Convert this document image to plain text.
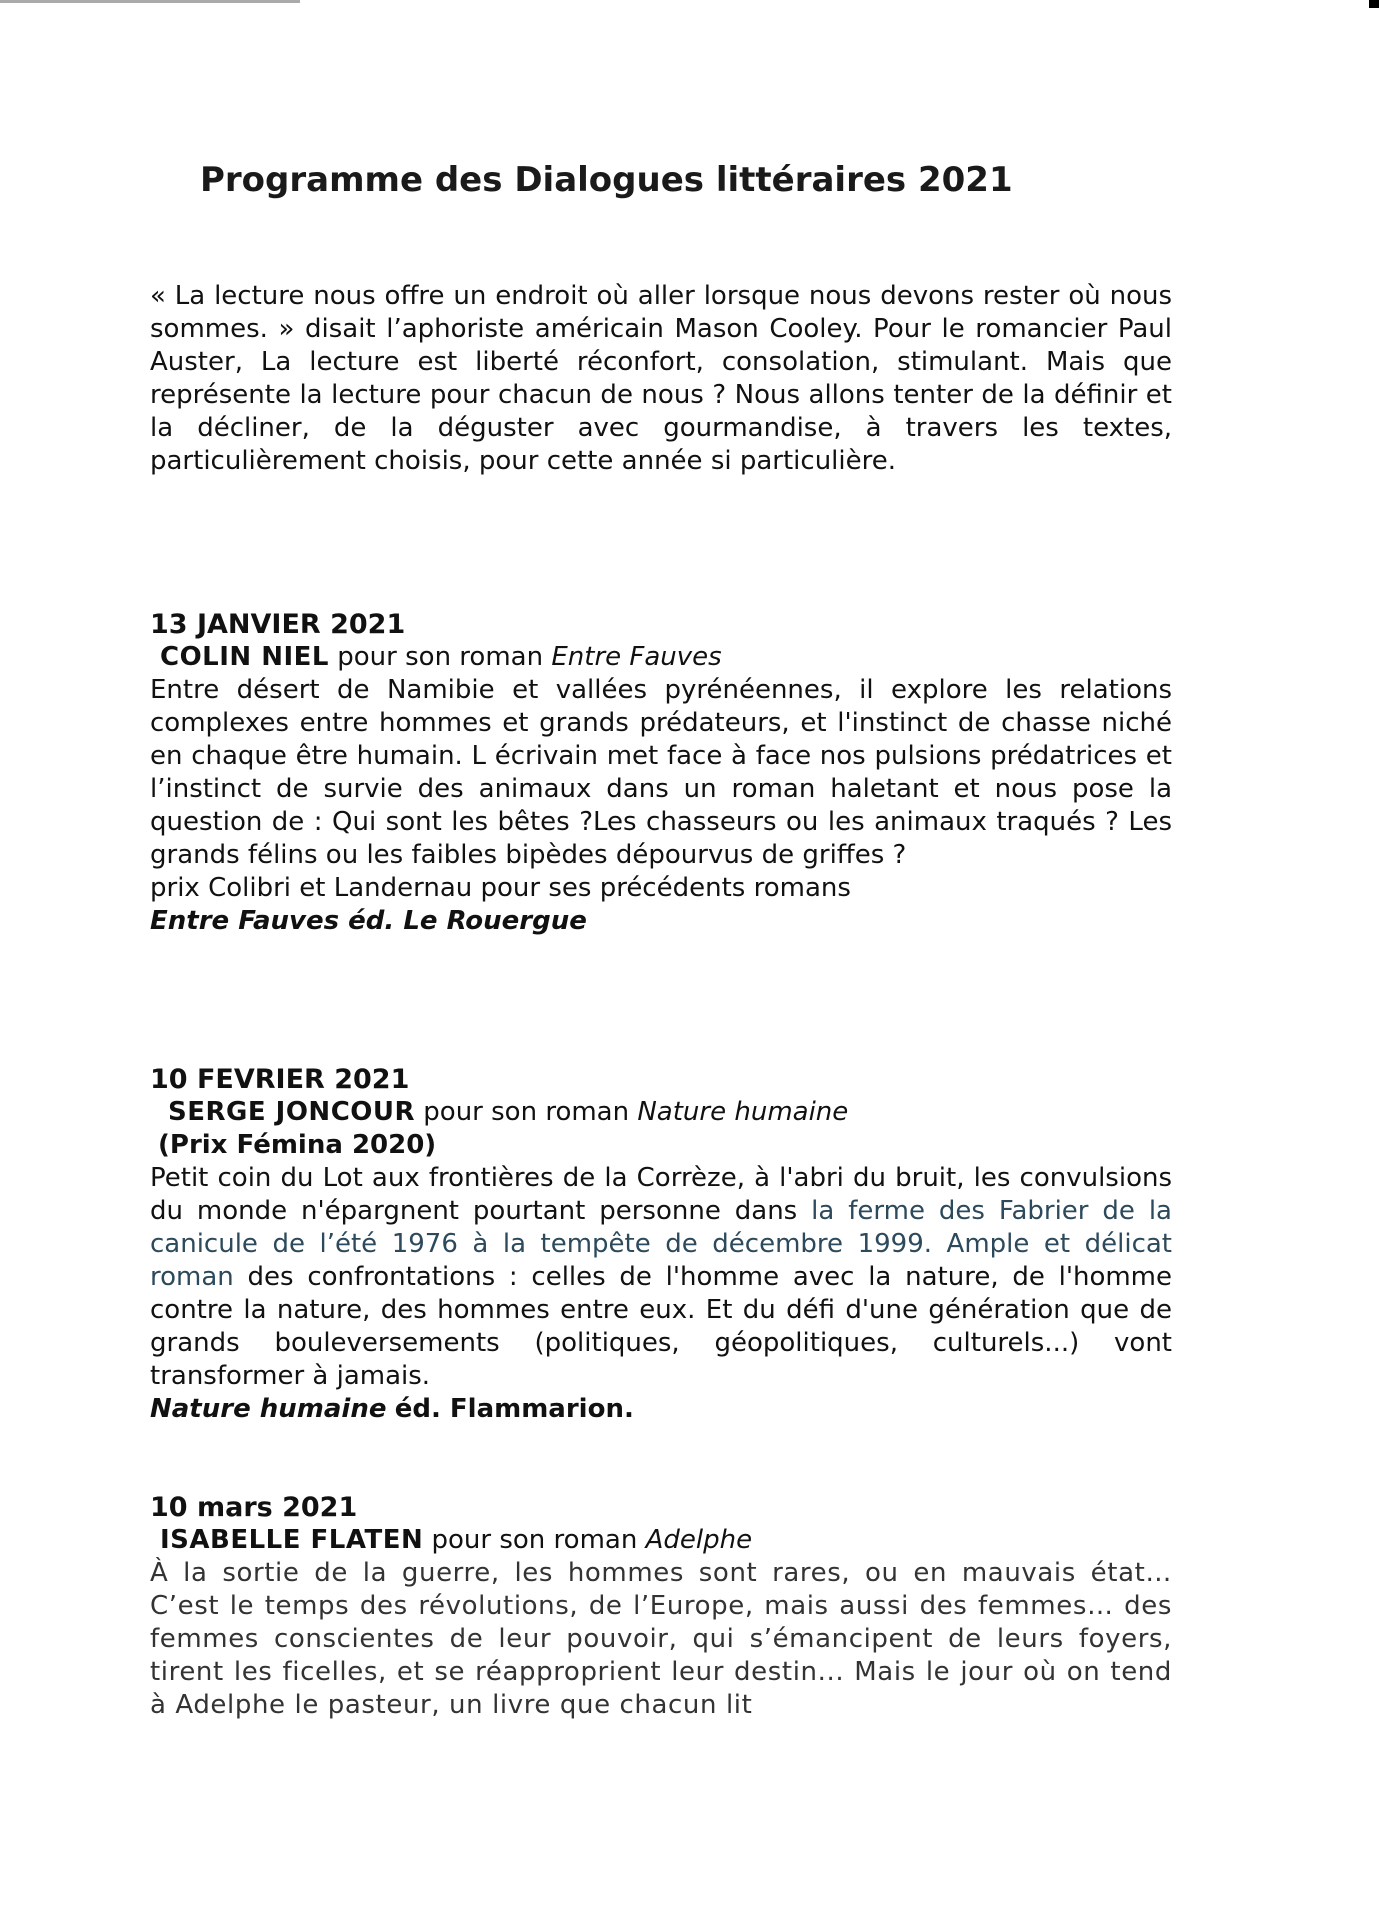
Programme des Dialogues littéraires 2021
« La lecture nous offre un endroit où aller lorsque nous devons rester où nous sommes. » disait l’aphoriste américain Mason Cooley. Pour le romancier Paul Auster, La lecture est liberté réconfort, consolation, stimulant. Mais que représente la lecture pour chacun de nous ? Nous allons tenter de la définir et la décliner, de la déguster avec gourmandise, à travers les textes, particulièrement choisis, pour cette année si particulière.
13 JANVIER 2021
COLIN NIEL pour son roman Entre Fauves
Entre désert de Namibie et vallées pyrénéennes, il explore les relations complexes entre hommes et grands prédateurs, et l'instinct de chasse niché en chaque être humain. L écrivain met face à face nos pulsions prédatrices et l’instinct de survie des animaux dans un roman haletant et nous pose la question de : Qui sont les bêtes ?Les chasseurs ou les animaux traqués ? Les grands félins ou les faibles bipèdes dépourvus de griffes ?
prix Colibri et Landernau pour ses précédents romans
Entre Fauves éd. Le Rouergue
10 FEVRIER 2021
SERGE JONCOUR pour son roman Nature humaine
(Prix Fémina 2020)
Petit coin du Lot aux frontières de la Corrèze, à l'abri du bruit, les convulsions du monde n'épargnent pourtant personne dans la ferme des Fabrier de la canicule de l’été 1976 à la tempête de décembre 1999. Ample et délicat roman des confrontations : celles de l'homme avec la nature, de l'homme contre la nature, des hommes entre eux. Et du défi d'une génération que de grands bouleversements (politiques, géopolitiques, culturels...) vont transformer à jamais.
Nature humaine éd. Flammarion.
10 mars 2021
ISABELLE FLATEN pour son roman Adelphe
À la sortie de la guerre, les hommes sont rares, ou en mauvais état… C’est le temps des révolutions, de l’Europe, mais aussi des femmes… des femmes conscientes de leur pouvoir, qui s’émancipent de leurs foyers, tirent les ficelles, et se réapproprient leur destin... Mais le jour où on tend à Adelphe le pasteur, un livre que chacun lit
